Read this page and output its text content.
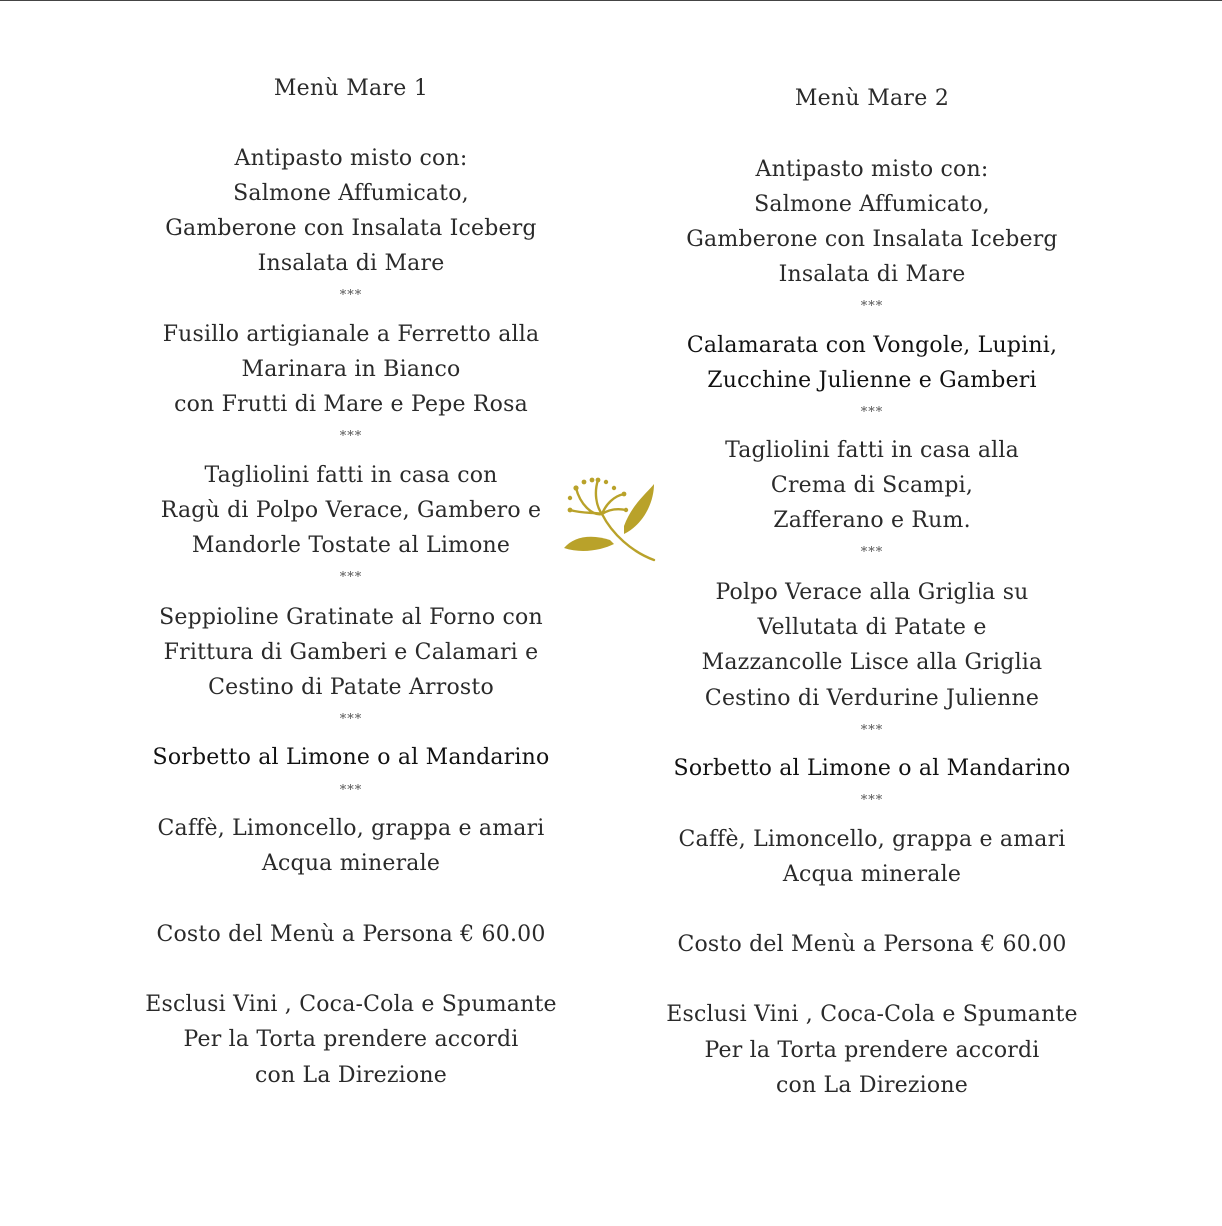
Menù Mare 1
Antipasto misto con:
Salmone Affumicato,
Gamberone con Insalata Iceberg
Insalata di Mare
***
Fusillo artigianale a Ferretto alla
Marinara in Bianco
con Frutti di Mare e Pepe Rosa
***
Tagliolini fatti in casa con
Ragù di Polpo Verace, Gambero e
Mandorle Tostate al Limone
***
Seppioline Gratinate al Forno con
Frittura di Gamberi e Calamari e
Cestino di Patate Arrosto
***
Sorbetto al Limone o al Mandarino
***
Caffè, Limoncello, grappa e amari
Acqua minerale
Costo del Menù a Persona € 60.00
Esclusi Vini , Coca-Cola e Spumante
Per la Torta prendere accordi
con La Direzione
Menù Mare 2
Antipasto misto con:
Salmone Affumicato,
Gamberone con Insalata Iceberg
Insalata di Mare
***
Calamarata con Vongole, Lupini,
Zucchine Julienne e Gamberi
***
Tagliolini fatti in casa alla
Crema di Scampi,
Zafferano e Rum.
***
Polpo Verace alla Griglia su
Vellutata di Patate e
Mazzancolle Lisce alla Griglia
Cestino di Verdurine Julienne
***
Sorbetto al Limone o al Mandarino
***
Caffè, Limoncello, grappa e amari
Acqua minerale
Costo del Menù a Persona € 60.00
Esclusi Vini , Coca-Cola e Spumante
Per la Torta prendere accordi
con La Direzione
